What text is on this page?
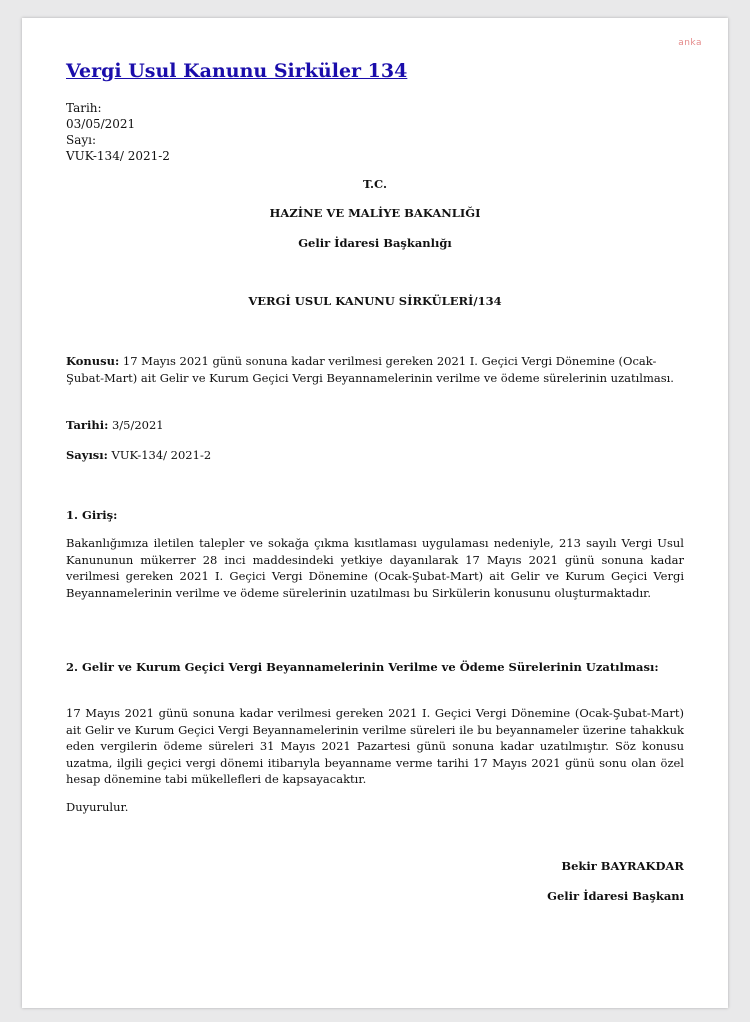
anka
Vergi Usul Kanunu Sirküler 134
Tarih:
03/05/2021
Sayı:
VUK-134/ 2021-2
T.C.
HAZİNE VE MALİYE BAKANLIĞI
Gelir İdaresi Başkanlığı
VERGİ USUL KANUNU SİRKÜLERİ/134
Konusu: 17 Mayıs 2021 günü sonuna kadar verilmesi gereken 2021 I. Geçici Vergi Dönemine (Ocak-Şubat-Mart) ait Gelir ve Kurum Geçici Vergi Beyannamelerinin verilme ve ödeme sürelerinin uzatılması.
Tarihi: 3/5/2021
Sayısı: VUK-134/ 2021-2
1. Giriş:
Bakanlığımıza iletilen talepler ve sokağa çıkma kısıtlaması uygulaması nedeniyle, 213 sayılı Vergi Usul Kanununun mükerrer 28 inci maddesindeki yetkiye dayanılarak 17 Mayıs 2021 günü sonuna kadar verilmesi gereken 2021 I. Geçici Vergi Dönemine (Ocak-Şubat-Mart) ait Gelir ve Kurum Geçici Vergi Beyannamelerinin verilme ve ödeme sürelerinin uzatılması bu Sirkülerin konusunu oluşturmaktadır.
2. Gelir ve Kurum Geçici Vergi Beyannamelerinin Verilme ve Ödeme Sürelerinin Uzatılması:
17 Mayıs 2021 günü sonuna kadar verilmesi gereken 2021 I. Geçici Vergi Dönemine (Ocak-Şubat-Mart) ait Gelir ve Kurum Geçici Vergi Beyannamelerinin verilme süreleri ile bu beyannameler üzerine tahakkuk eden vergilerin ödeme süreleri 31 Mayıs 2021 Pazartesi günü sonuna kadar uzatılmıştır. Söz konusu uzatma, ilgili geçici vergi dönemi itibarıyla beyanname verme tarihi 17 Mayıs 2021 günü sonu olan özel hesap dönemine tabi mükellefleri de kapsayacaktır.
Duyurulur.
Bekir BAYRAKDAR
Gelir İdaresi Başkanı
